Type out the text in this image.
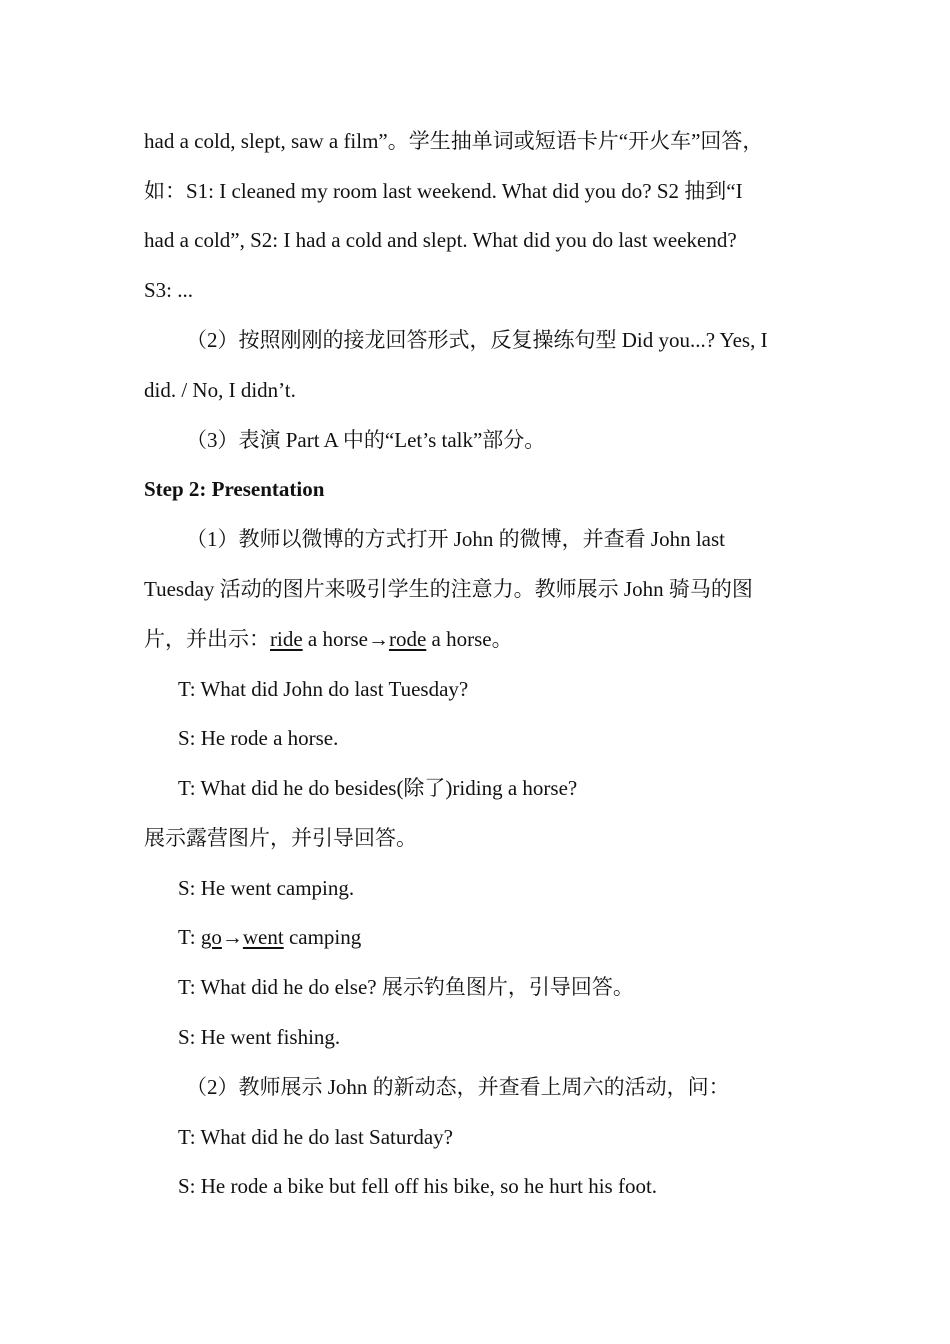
had a cold, slept, saw a film”。学生抽单词或短语卡片“开火车”回答，
如：S1: I cleaned my room last weekend. What did you do? S2 抽到“I
had a cold”, S2: I had a cold and slept. What did you do last weekend?
S3: ...
（2）按照刚刚的接龙回答形式，反复操练句型 Did you...? Yes, I
did. / No, I didn’t.
（3）表演 Part A 中的“Let’s talk”部分。
Step 2: Presentation
（1）教师以微博的方式打开 John 的微博，并查看 John last
Tuesday 活动的图片来吸引学生的注意力。教师展示 John 骑马的图
片，并出示：ride a horse→rode a horse。
T: What did John do last Tuesday?
S: He rode a horse.
T: What did he do besides(除了)riding a horse?
展示露营图片，并引导回答。
S: He went camping.
T: go→went camping
T: What did he do else? 展示钓鱼图片，引导回答。
S: He went fishing.
（2）教师展示 John 的新动态，并查看上周六的活动，问：
T: What did he do last Saturday?
S: He rode a bike but fell off his bike, so he hurt his foot.
